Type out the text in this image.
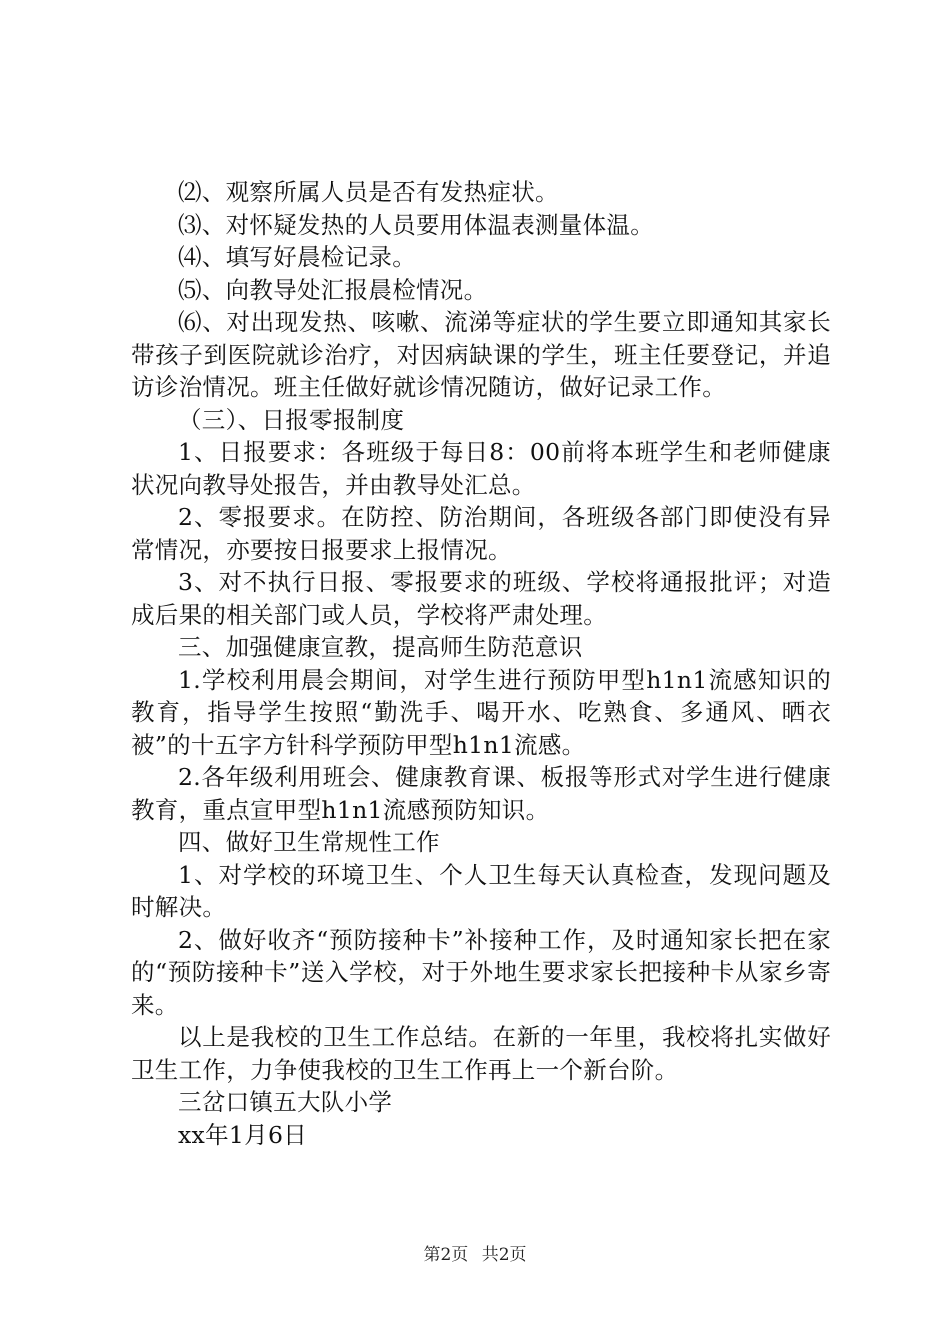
⑵、观察所属人员是否有发热症状。

⑶、对怀疑发热的人员要用体温表测量体温。

⑷、填写好晨检记录。

⑸、向教导处汇报晨检情况。

⑹、对出现发热、咳嗽、流涕等症状的学生要立即通知其家长带孩子到医院就诊治疗，对因病缺课的学生，班主任要登记，并追访诊治情况。班主任做好就诊情况随访，做好记录工作。

（三）、日报零报制度

1、日报要求：各班级于每日8：00前将本班学生和老师健康状况向教导处报告，并由教导处汇总。

2、零报要求。在防控、防治期间，各班级各部门即使没有异常情况，亦要按日报要求上报情况。

3、对不执行日报、零报要求的班级、学校将通报批评；对造成后果的相关部门或人员，学校将严肃处理。

三、加强健康宣教，提高师生防范意识

1.学校利用晨会期间，对学生进行预防甲型h1n1流感知识的教育，指导学生按照“勤洗手、喝开水、吃熟食、多通风、晒衣被”的十五字方针科学预防甲型h1n1流感。

2.各年级利用班会、健康教育课、板报等形式对学生进行健康教育，重点宣甲型h1n1流感预防知识。

四、做好卫生常规性工作

1、对学校的环境卫生、个人卫生每天认真检查，发现问题及时解决。

2、做好收齐“预防接种卡”补接种工作，及时通知家长把在家的“预防接种卡”送入学校，对于外地生要求家长把接种卡从家乡寄来。

以上是我校的卫生工作总结。在新的一年里，我校将扎实做好卫生工作，力争使我校的卫生工作再上一个新台阶。

三岔口镇五大队小学

xx年1月6日

第2页 共2页
